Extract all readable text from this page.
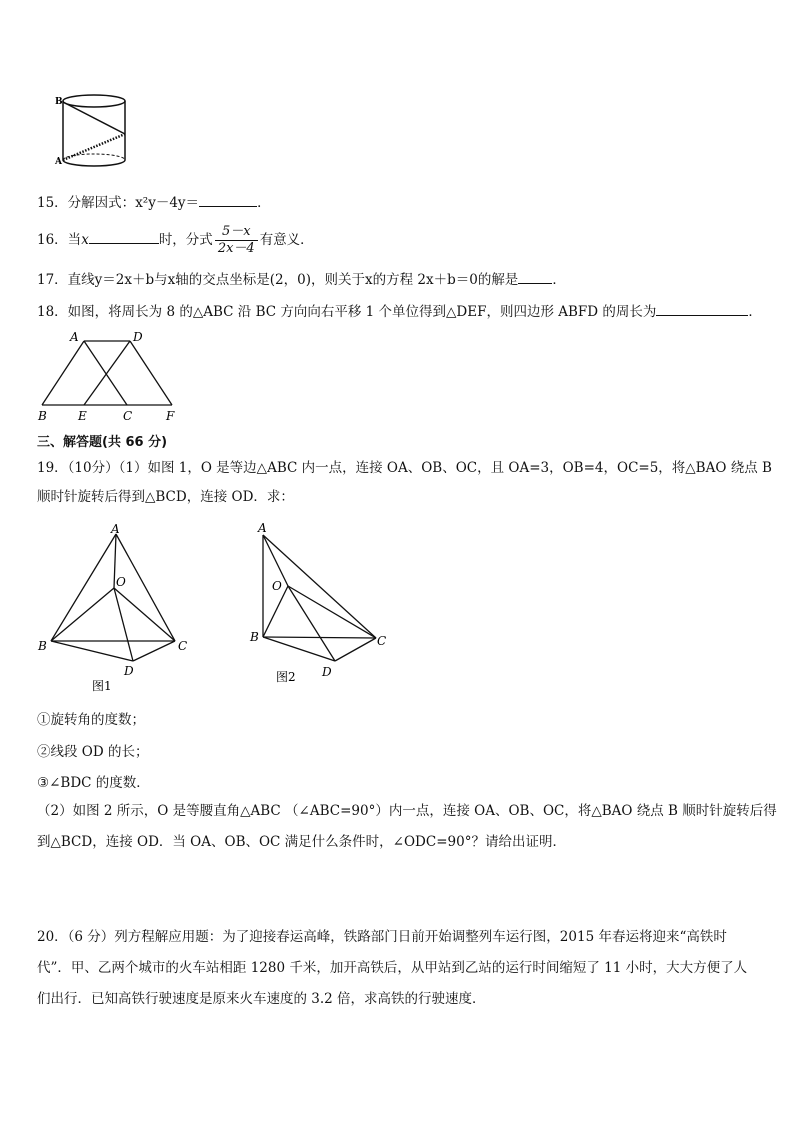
B
A
15．分解因式：x²y－4y＝	．
16．当x	时，分式 $\frac{5-x}{2x-4}$ 有意义．
17．直线y＝2x＋b与x轴的交点坐标是(2，0)，则关于x的方程 2x＋b＝0的解是	．
18．如图，将周长为 8 的△ABC 沿 BC 方向向右平移 1 个单位得到△DEF，则四边形 ABFD 的周长为	．
A	D
B	E	C	F
三、解答题(共 66 分)
19．（10分）（1）如图 1，O 是等边△ABC 内一点，连接 OA、OB、OC，且 OA=3，OB=4，OC=5，将△BAO 绕点 B
顺时针旋转后得到△BCD，连接 OD．求：
A
O
B	C
D
图1
A
O
B	C
D
图2
①旋转角的度数；
②线段 OD 的长；
③∠BDC 的度数．
（2）如图 2 所示，O 是等腰直角△ABC （∠ABC=90°）内一点，连接 OA、OB、OC，将△BAO 绕点 B 顺时针旋转后得
到△BCD，连接 OD．当 OA、OB、OC 满足什么条件时，∠ODC=90°？请给出证明．
20．（6 分）列方程解应用题：为了迎接春运高峰，铁路部门日前开始调整列车运行图，2015 年春运将迎来“高铁时
代”．甲、乙两个城市的火车站相距 1280 千米，加开高铁后，从甲站到乙站的运行时间缩短了 11 小时，大大方便了人
们出行．已知高铁行驶速度是原来火车速度的 3.2 倍，求高铁的行驶速度．
